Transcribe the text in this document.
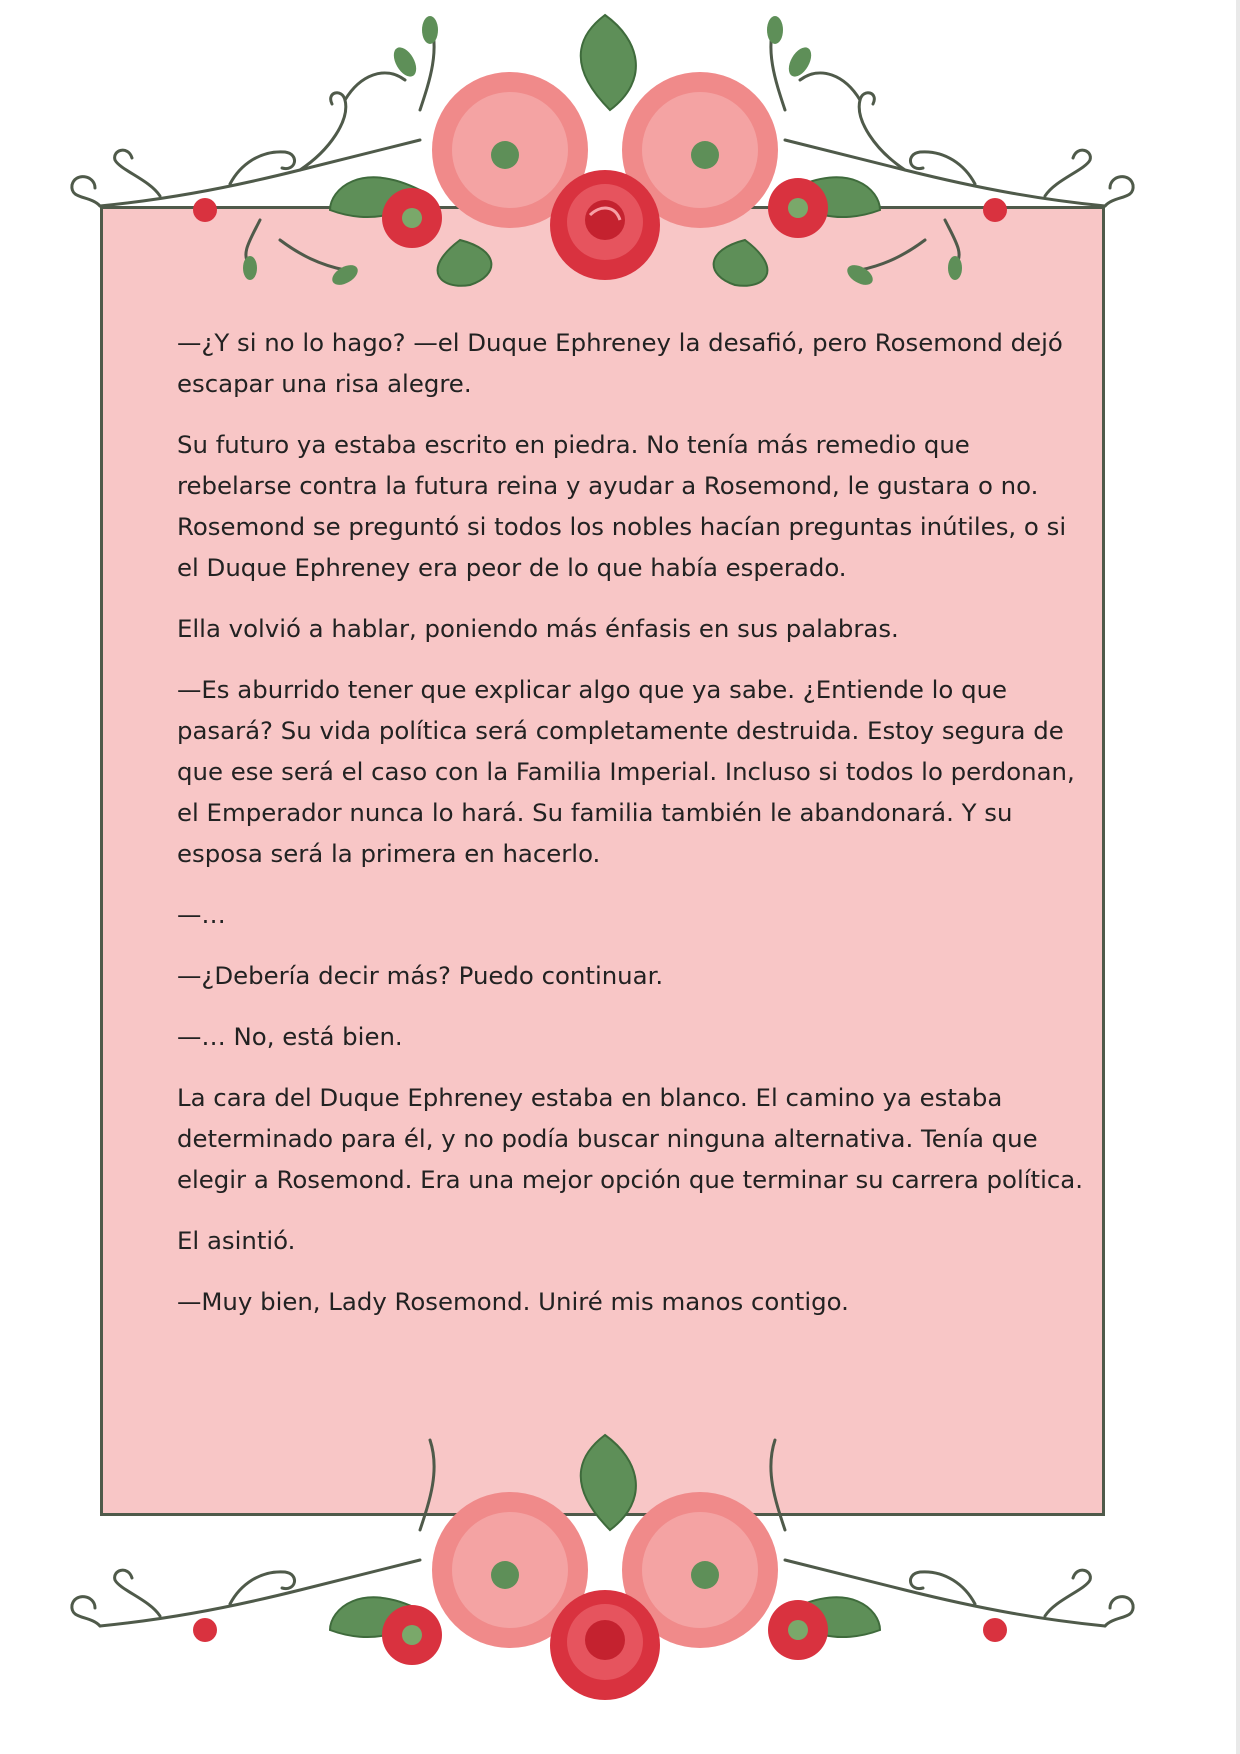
—¿Y si no lo hago? —el Duque Ephreney la desafió, pero Rosemond dejó escapar una risa alegre.

Su futuro ya estaba escrito en piedra. No tenía más remedio que rebelarse contra la futura reina y ayudar a Rosemond, le gustara o no. Rosemond se preguntó si todos los nobles hacían preguntas inútiles, o si el Duque Ephreney era peor de lo que había esperado.

Ella volvió a hablar, poniendo más énfasis en sus palabras.

—Es aburrido tener que explicar algo que ya sabe. ¿Entiende lo que pasará? Su vida política será completamente destruida. Estoy segura de que ese será el caso con la Familia Imperial. Incluso si todos lo perdonan, el Emperador nunca lo hará. Su familia también le abandonará. Y su esposa será la primera en hacerlo.

—…

—¿Debería decir más? Puedo continuar.

—… No, está bien.

La cara del Duque Ephreney estaba en blanco. El camino ya estaba determinado para él, y no podía buscar ninguna alternativa. Tenía que elegir a Rosemond. Era una mejor opción que terminar su carrera política.

El asintió.

—Muy bien, Lady Rosemond. Uniré mis manos contigo.
